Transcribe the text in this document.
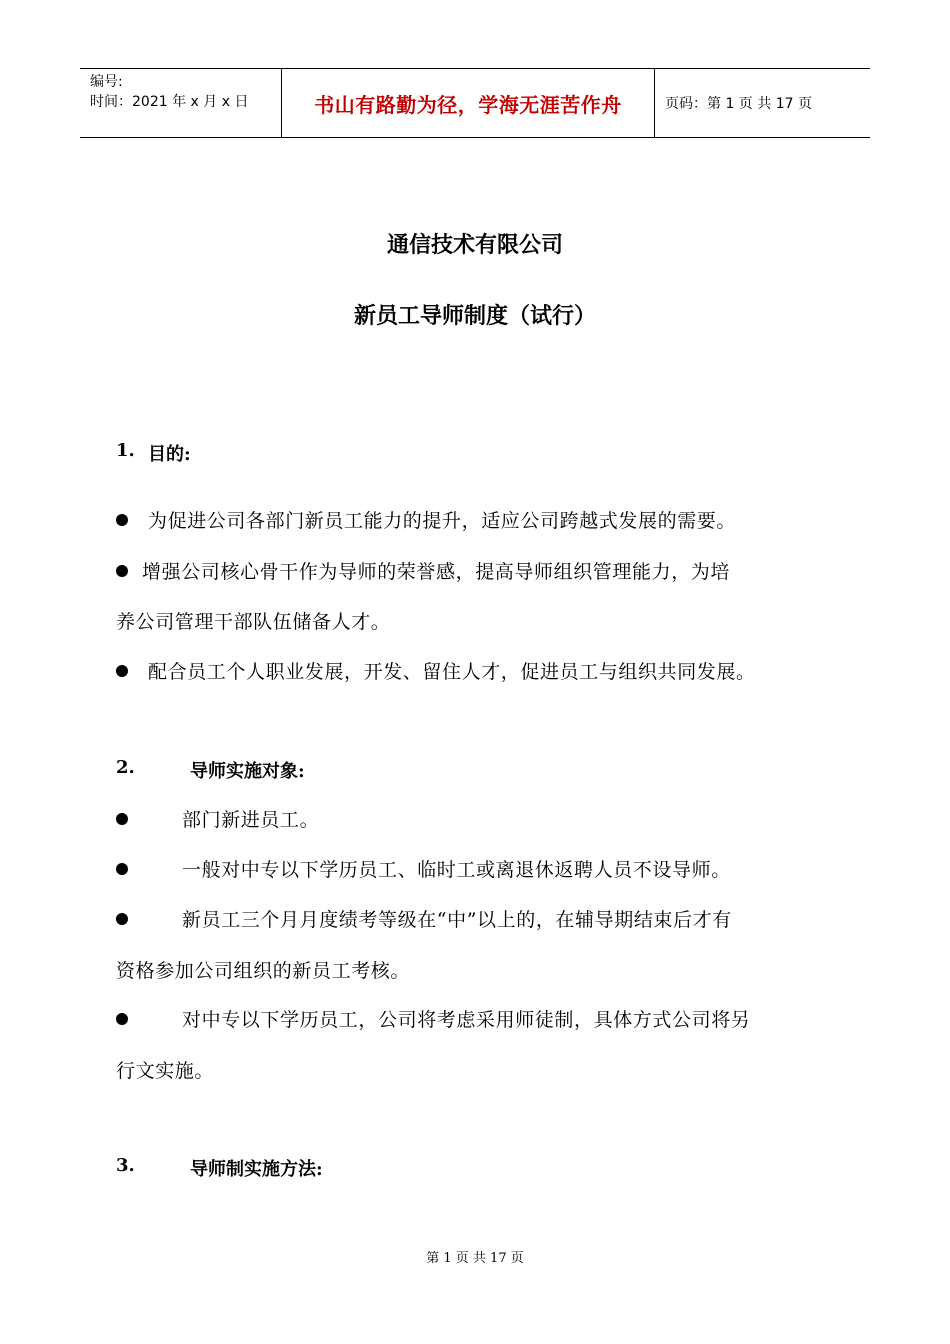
编号:
时间：2021 年 x 月 x 日	书山有路勤为径，学海无涯苦作舟	页码：第 1 页 共 17 页
通信技术有限公司
新员工导师制度（试行）
1. 目的:
为促进公司各部门新员工能力的提升，适应公司跨越式发展的需要。
增强公司核心骨干作为导师的荣誉感，提高导师组织管理能力，为培
养公司管理干部队伍储备人才。
配合员工个人职业发展，开发、留住人才，促进员工与组织共同发展。
2.	导师实施对象:
部门新进员工。
一般对中专以下学历员工、临时工或离退休返聘人员不设导师。
新员工三个月月度绩考等级在“中”以上的，在辅导期结束后才有
资格参加公司组织的新员工考核。
对中专以下学历员工，公司将考虑采用师徒制，具体方式公司将另
行文实施。
3.	导师制实施方法:
第 1 页 共 17 页
